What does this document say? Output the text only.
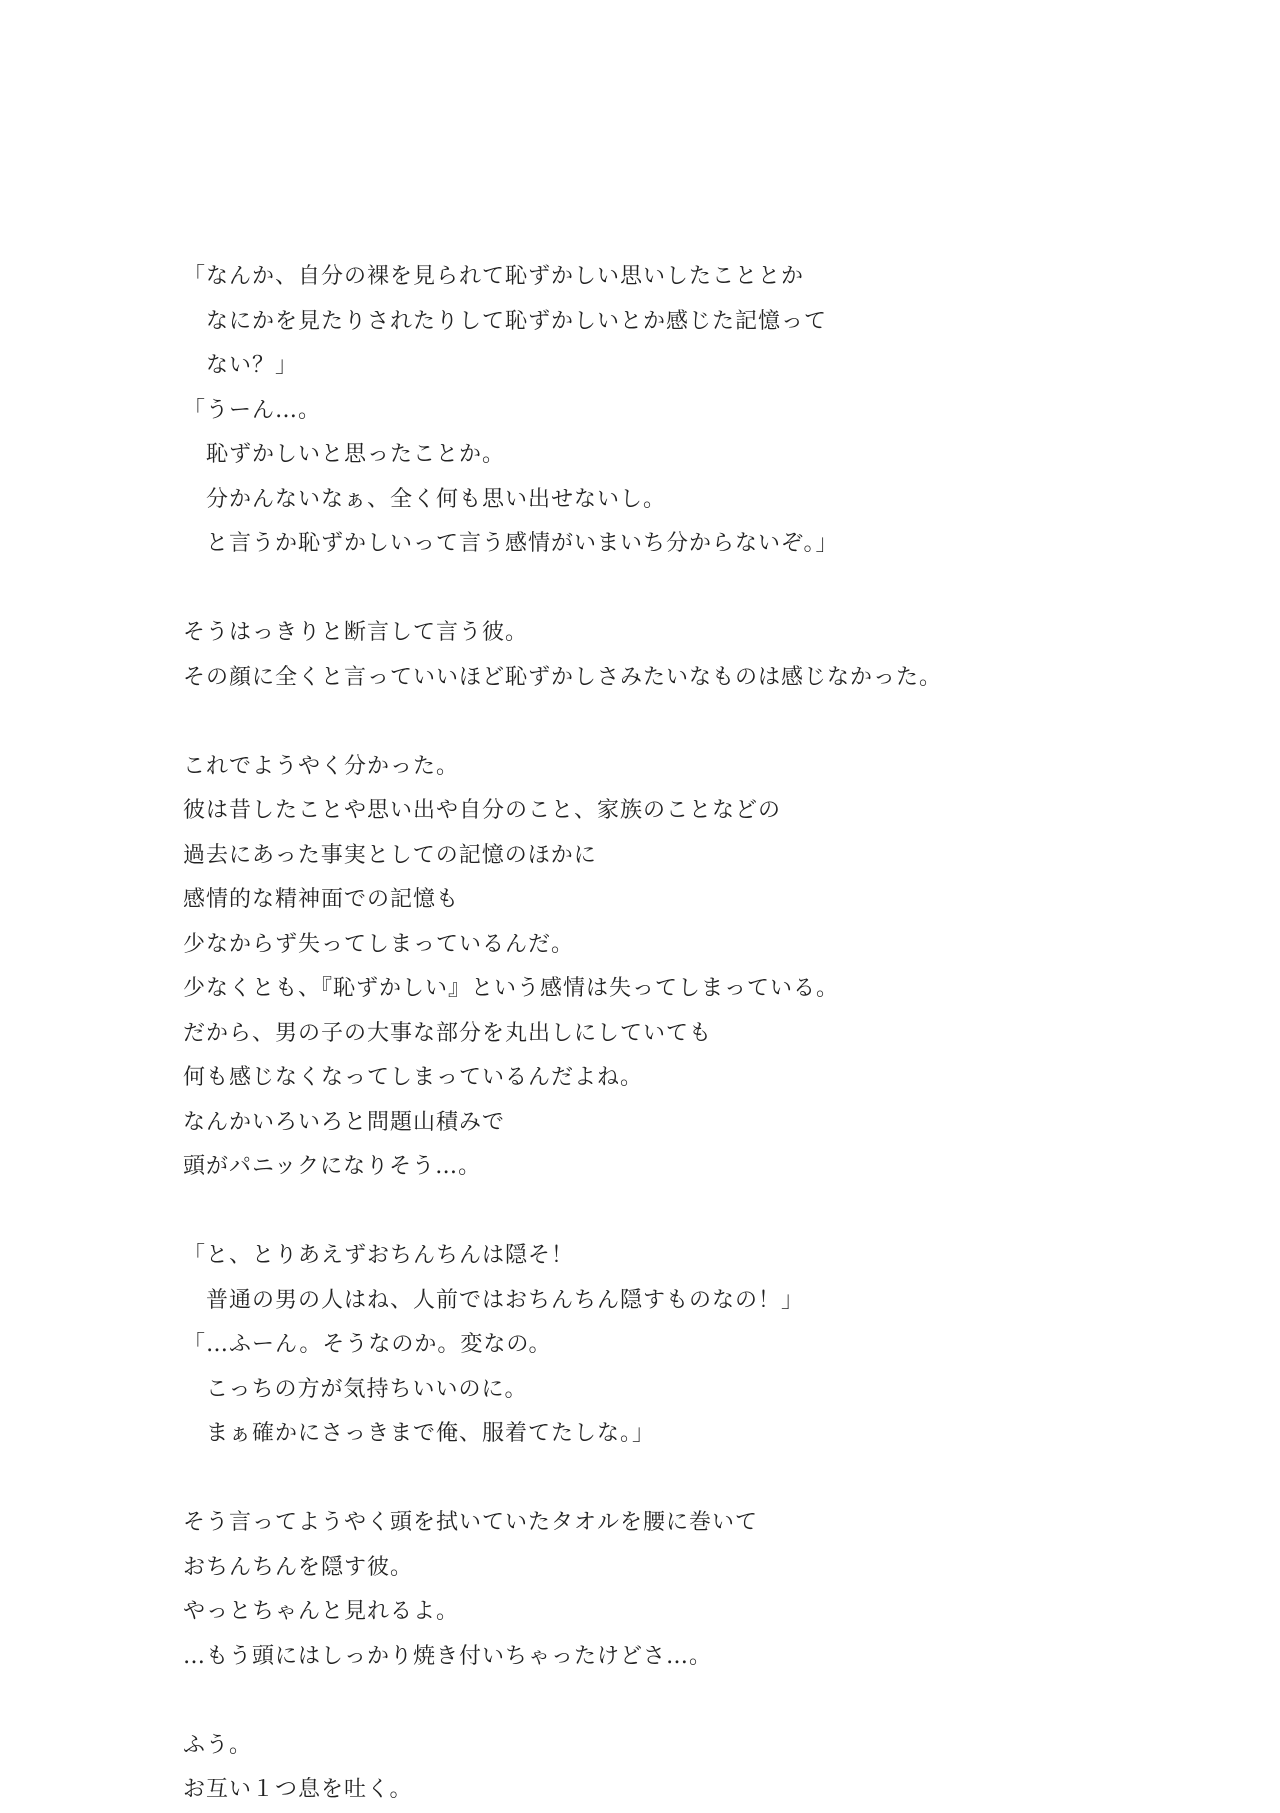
「なんか、自分の裸を見られて恥ずかしい思いしたこととか
　なにかを見たりされたりして恥ずかしいとか感じた記憶って
　ない？」
「うーん…。
　恥ずかしいと思ったことか。
　分かんないなぁ、全く何も思い出せないし。
　と言うか恥ずかしいって言う感情がいまいち分からないぞ。」
そうはっきりと断言して言う彼。
その顔に全くと言っていいほど恥ずかしさみたいなものは感じなかった。
これでようやく分かった。
彼は昔したことや思い出や自分のこと、家族のことなどの
過去にあった事実としての記憶のほかに
感情的な精神面での記憶も
少なからず失ってしまっているんだ。
少なくとも、『恥ずかしい』という感情は失ってしまっている。
だから、男の子の大事な部分を丸出しにしていても
何も感じなくなってしまっているんだよね。
なんかいろいろと問題山積みで
頭がパニックになりそう…。
「と、とりあえずおちんちんは隠そ！
　普通の男の人はね、人前ではおちんちん隠すものなの！」
「…ふーん。そうなのか。変なの。
　こっちの方が気持ちいいのに。
　まぁ確かにさっきまで俺、服着てたしな。」
そう言ってようやく頭を拭いていたタオルを腰に巻いて
おちんちんを隠す彼。
やっとちゃんと見れるよ。
…もう頭にはしっかり焼き付いちゃったけどさ…。
ふう。
お互い１つ息を吐く。
